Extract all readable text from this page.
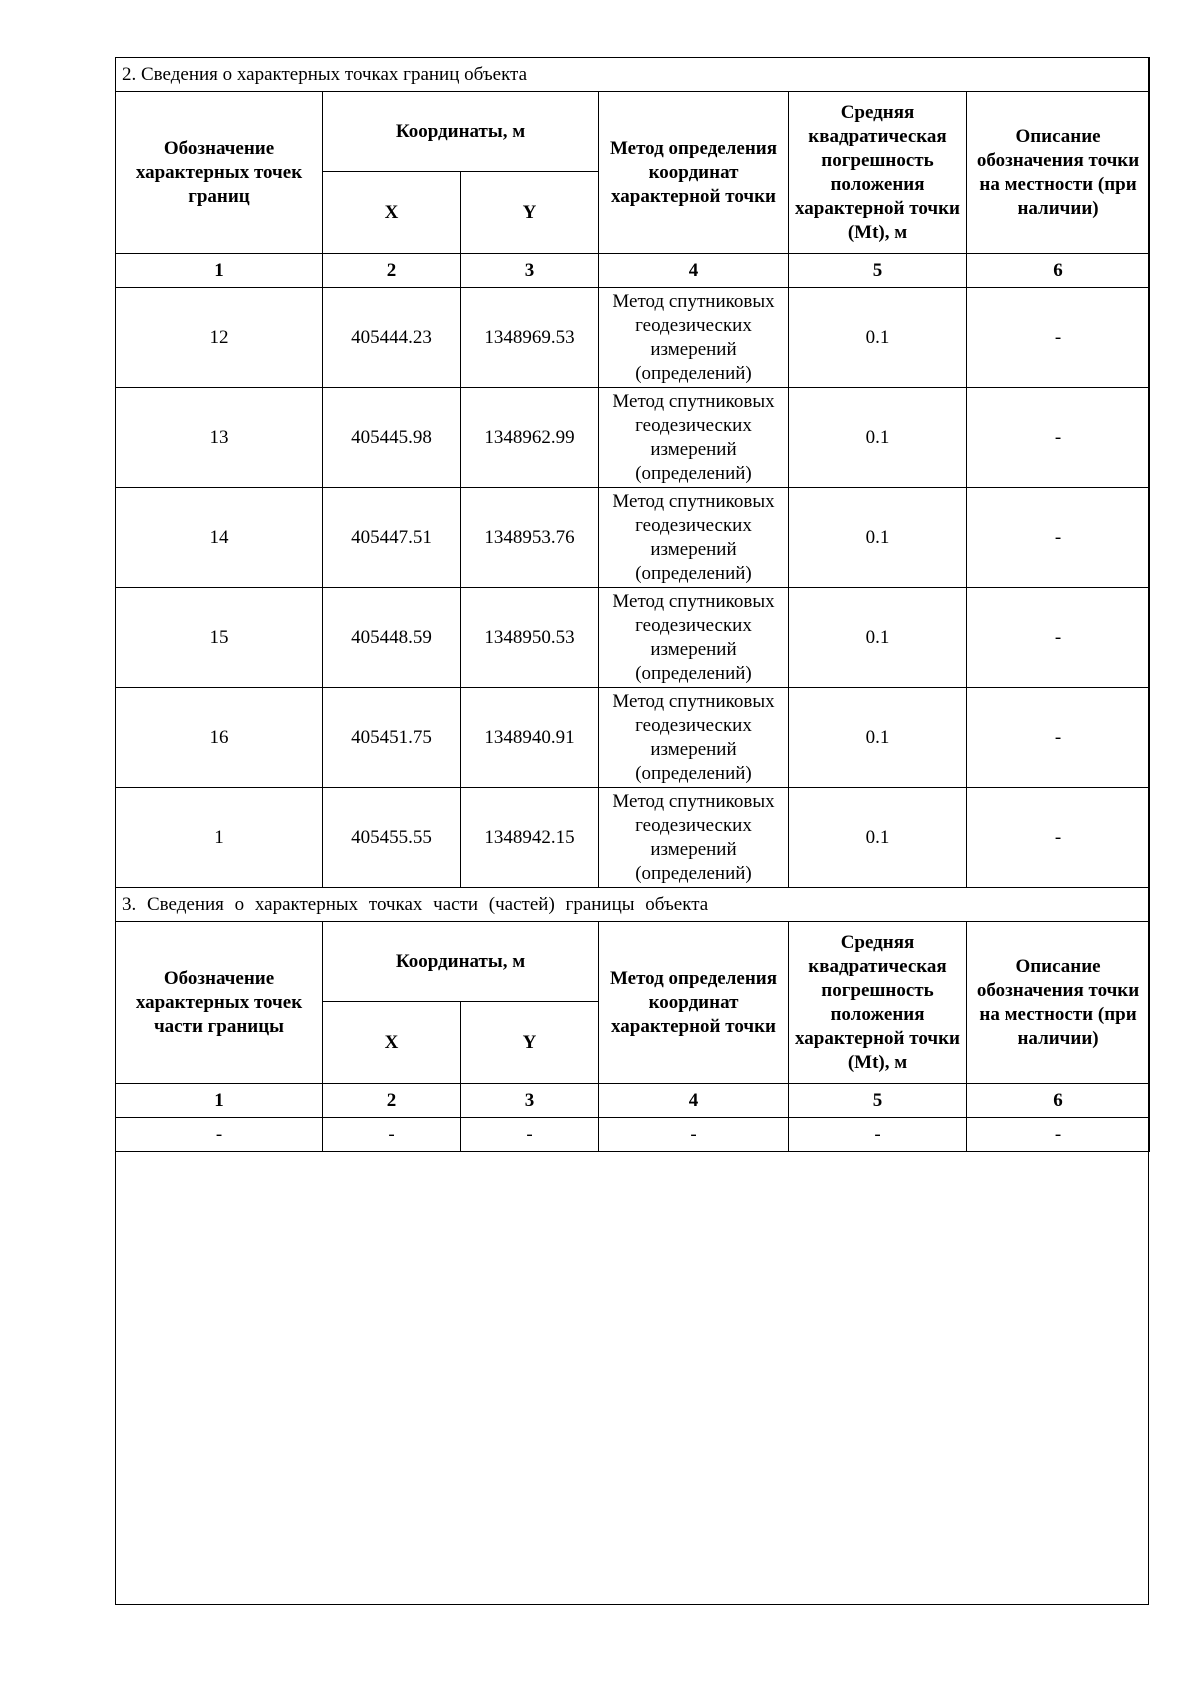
2. Сведения о характерных точках границ объекта					
Обозначение характерных точек границ	Координаты, м		Метод определения координат характерной точки	Средняя квадратическая погрешность положения характерной точки (Mt), м	Описание обозначения точки на местности (при наличии)
	X	Y			
1	2	3	4	5	6
12	405444.23	1348969.53	Метод спутниковых геодезических измерений (определений)	0.1	-
13	405445.98	1348962.99	Метод спутниковых геодезических измерений (определений)	0.1	-
14	405447.51	1348953.76	Метод спутниковых геодезических измерений (определений)	0.1	-
15	405448.59	1348950.53	Метод спутниковых геодезических измерений (определений)	0.1	-
16	405451.75	1348940.91	Метод спутниковых геодезических измерений (определений)	0.1	-
1	405455.55	1348942.15	Метод спутниковых геодезических измерений (определений)	0.1	-
3. Сведения о характерных точках части (частей) границы объекта					
Обозначение характерных точек части границы	Координаты, м		Метод определения координат характерной точки	Средняя квадратическая погрешность положения характерной точки (Mt), м	Описание обозначения точки на местности (при наличии)
	X	Y			
1	2	3	4	5	6
-	-	-	-	-	-
